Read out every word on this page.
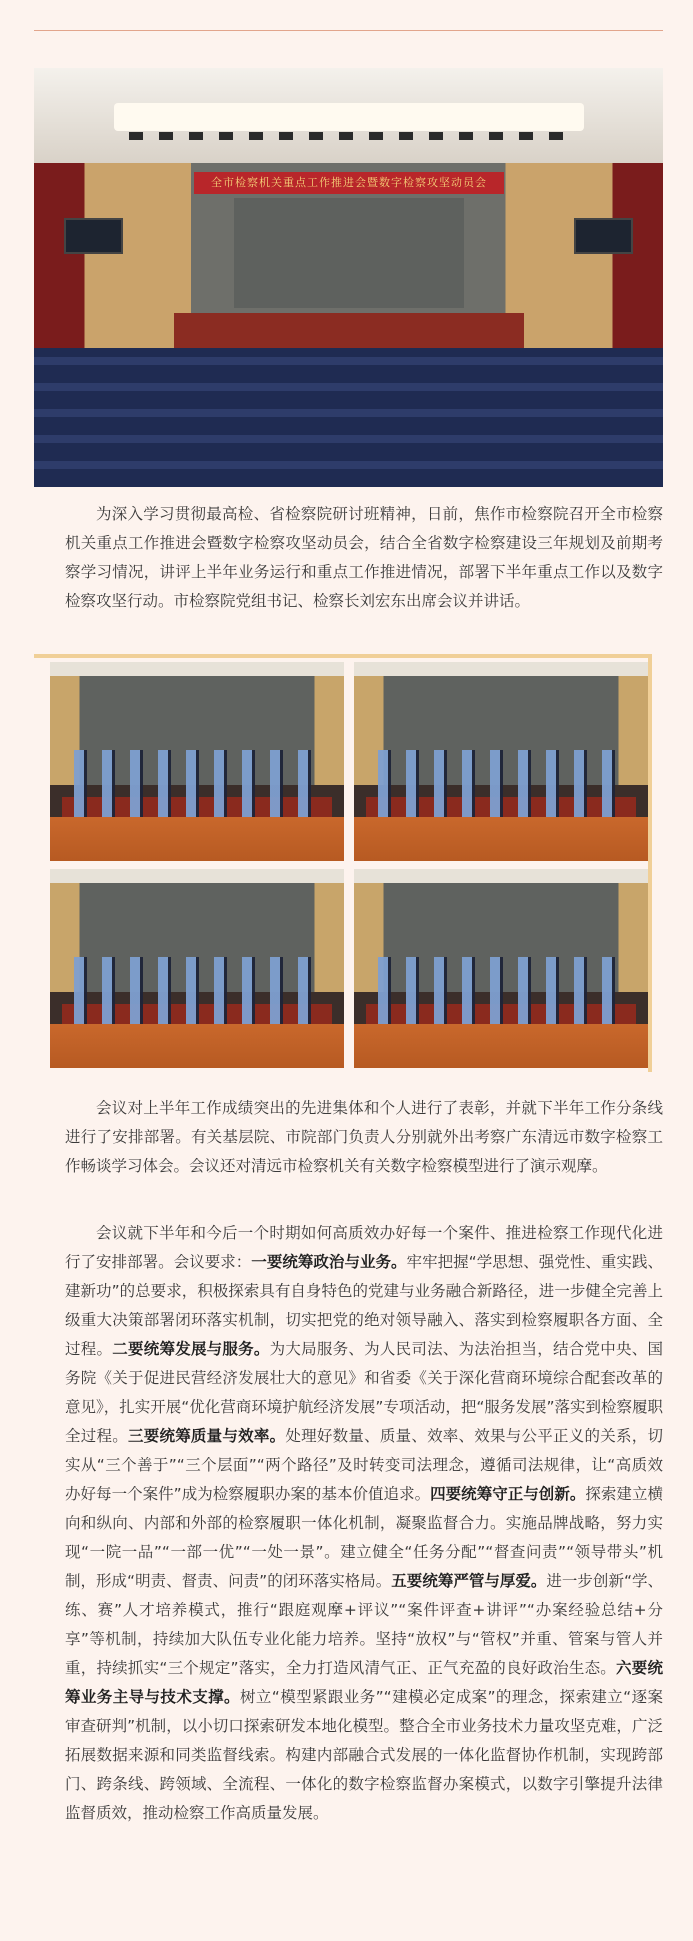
全市检察机关重点工作推进会暨数字检察攻坚动员会

为深入学习贯彻最高检、省检察院研讨班精神，日前，焦作市检察院召开全市检察机关重点工作推进会暨数字检察攻坚动员会，结合全省数字检察建设三年规划及前期考察学习情况，讲评上半年业务运行和重点工作推进情况，部署下半年重点工作以及数字检察攻坚行动。市检察院党组书记、检察长刘宏东出席会议并讲话。

会议对上半年工作成绩突出的先进集体和个人进行了表彰，并就下半年工作分条线进行了安排部署。有关基层院、市院部门负责人分别就外出考察广东清远市数字检察工作畅谈学习体会。会议还对清远市检察机关有关数字检察模型进行了演示观摩。

会议就下半年和今后一个时期如何高质效办好每一个案件、推进检察工作现代化进行了安排部署。会议要求：一要统筹政治与业务。牢牢把握“学思想、强党性、重实践、建新功”的总要求，积极探索具有自身特色的党建与业务融合新路径，进一步健全完善上级重大决策部署闭环落实机制，切实把党的绝对领导融入、落实到检察履职各方面、全过程。二要统筹发展与服务。为大局服务、为人民司法、为法治担当，结合党中央、国务院《关于促进民营经济发展壮大的意见》和省委《关于深化营商环境综合配套改革的意见》，扎实开展“优化营商环境护航经济发展”专项活动，把“服务发展”落实到检察履职全过程。三要统筹质量与效率。处理好数量、质量、效率、效果与公平正义的关系，切实从“三个善于”“三个层面”“两个路径”及时转变司法理念，遵循司法规律，让“高质效办好每一个案件”成为检察履职办案的基本价值追求。四要统筹守正与创新。探索建立横向和纵向、内部和外部的检察履职一体化机制，凝聚监督合力。实施品牌战略，努力实现“一院一品”“一部一优”“一处一景”。建立健全“任务分配”“督查问责”“领导带头”机制，形成“明责、督责、问责”的闭环落实格局。五要统筹严管与厚爱。进一步创新“学、练、赛”人才培养模式，推行“跟庭观摩+评议”“案件评查+讲评”“办案经验总结+分享”等机制，持续加大队伍专业化能力培养。坚持“放权”与“管权”并重、管案与管人并重，持续抓实“三个规定”落实，全力打造风清气正、正气充盈的良好政治生态。六要统筹业务主导与技术支撑。树立“模型紧跟业务”“建模必定成案”的理念，探索建立“逐案审查研判”机制，以小切口探索研发本地化模型。整合全市业务技术力量攻坚克难，广泛拓展数据来源和同类监督线索。构建内部融合式发展的一体化监督协作机制，实现跨部门、跨条线、跨领域、全流程、一体化的数字检察监督办案模式，以数字引擎提升法律监督质效，推动检察工作高质量发展。
